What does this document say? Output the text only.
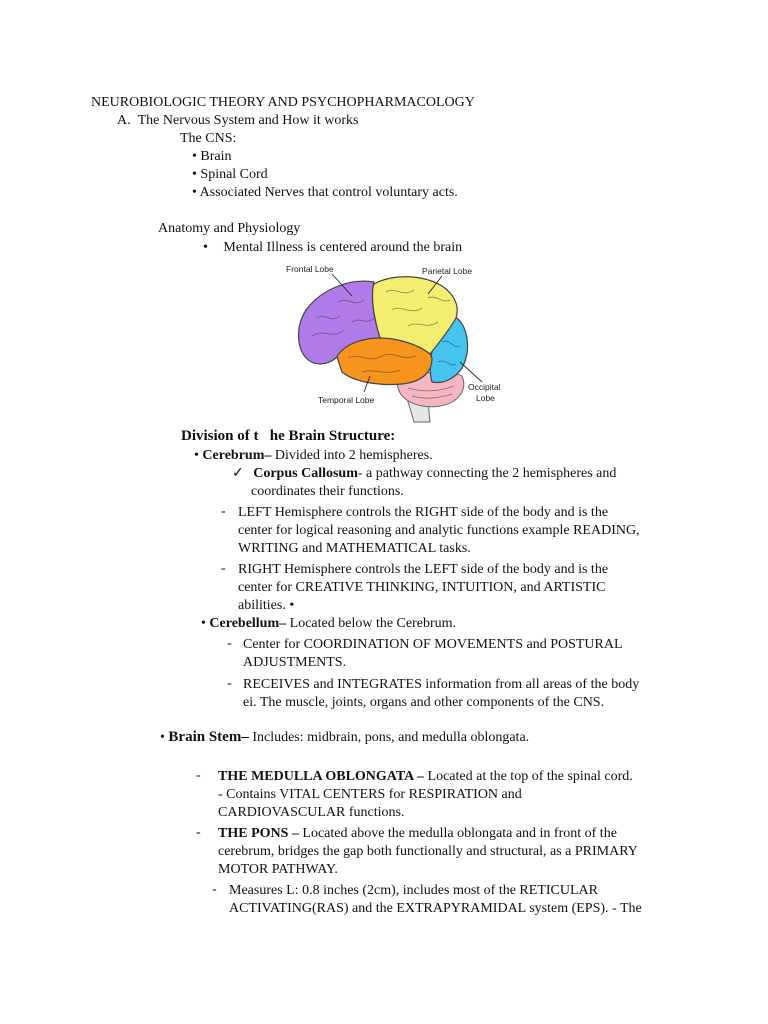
NEUROBIOLOGIC THEORY AND PSYCHOPHARMACOLOGY
A.  The Nervous System and How it works
The CNS:
• Brain
• Spinal Cord
• Associated Nerves that control voluntary acts.
Anatomy and Physiology
• Mental Illness is centered around the brain
Frontal Lobe	Parietal Lobe
Temporal Lobe
Occipital
Lobe
Division of t   he Brain Structure:
• Cerebrum– Divided into 2 hemispheres.
✓ Corpus Callosum- a pathway connecting the 2 hemispheres and
coordinates their functions.
- LEFT Hemisphere controls the RIGHT side of the body and is the
center for logical reasoning and analytic functions example READING,
WRITING and MATHEMATICAL tasks.
- RIGHT Hemisphere controls the LEFT side of the body and is the
center for CREATIVE THINKING, INTUITION, and ARTISTIC
abilities. •
• Cerebellum– Located below the Cerebrum.
- Center for COORDINATION OF MOVEMENTS and POSTURAL
ADJUSTMENTS.
- RECEIVES and INTEGRATES information from all areas of the body
ei. The muscle, joints, organs and other components of the CNS.
• Brain Stem– Includes: midbrain, pons, and medulla oblongata.
- THE MEDULLA OBLONGATA – Located at the top of the spinal cord.
- Contains VITAL CENTERS for RESPIRATION and
CARDIOVASCULAR functions.
- THE PONS – Located above the medulla oblongata and in front of the
cerebrum, bridges the gap both functionally and structural, as a PRIMARY
MOTOR PATHWAY.
- Measures L: 0.8 inches (2cm), includes most of the RETICULAR
ACTIVATING(RAS) and the EXTRAPYRAMIDAL system (EPS). - The
